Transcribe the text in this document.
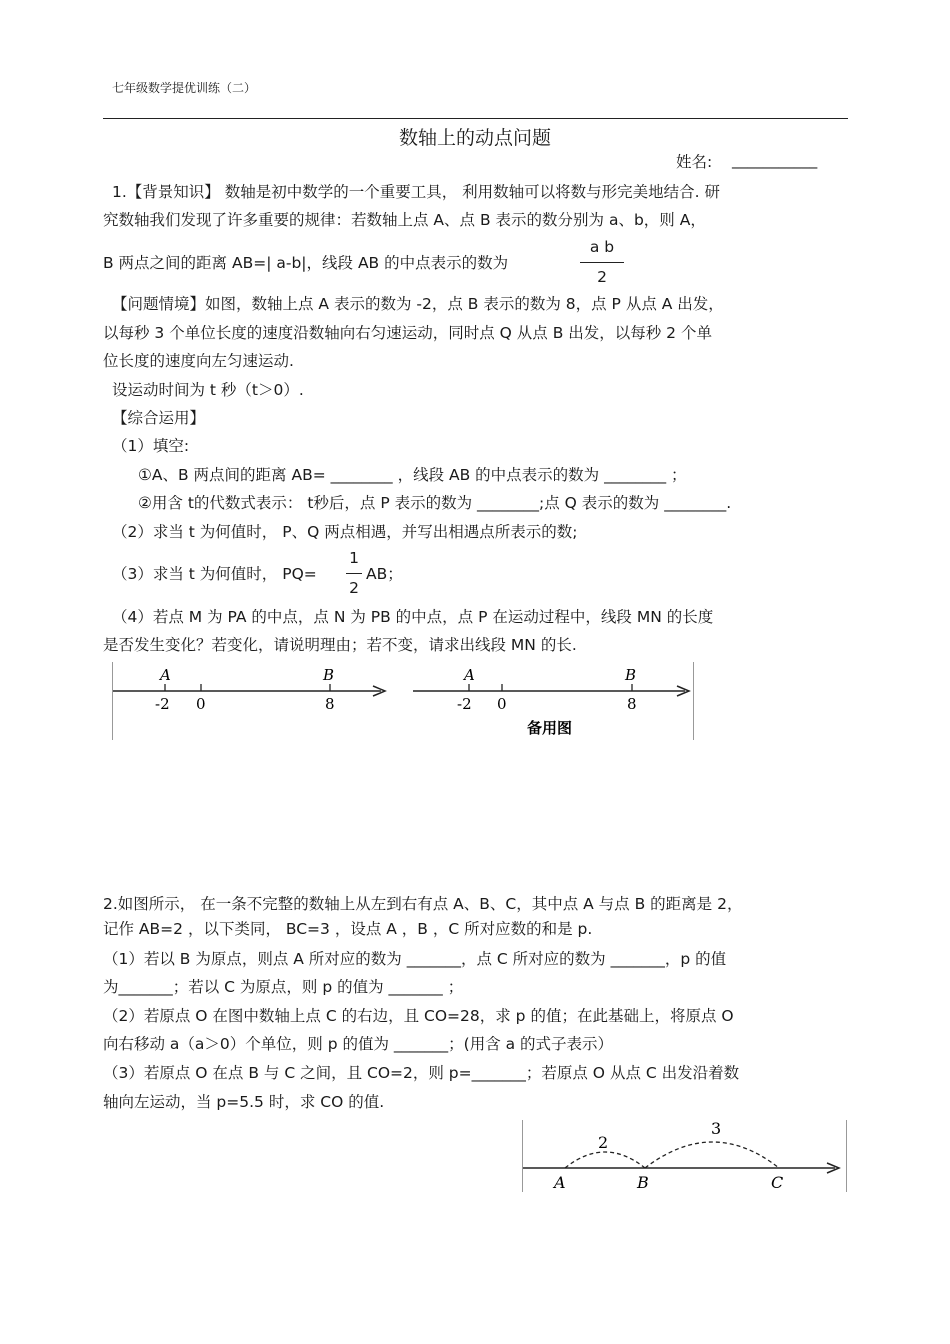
七年级数学提优训练（二）
数轴上的动点问题
姓名: ___________
1.【背景知识】 数轴是初中数学的一个重要工具， 利用数轴可以将数与形完美地结合. 研
究数轴我们发现了许多重要的规律：若数轴上点 A、点 B 表示的数分别为 a、b，则 A，
B 两点之间的距离 AB=| a-b|，线段 AB 的中点表示的数为
a b
2
【问题情境】如图，数轴上点 A 表示的数为 -2，点 B 表示的数为 8，点 P 从点 A 出发，
以每秒 3 个单位长度的速度沿数轴向右匀速运动，同时点 Q 从点 B 出发，以每秒 2 个单
位长度的速度向左匀速运动.
设运动时间为 t 秒（t＞0）.
【综合运用】
（1）填空:
①A、B 两点间的距离 AB= ________ ，线段 AB 的中点表示的数为 ________ ；
②用含 t的代数式表示： t秒后，点 P 表示的数为 ________;点 Q 表示的数为 ________.
（2）求当 t 为何值时， P、Q 两点相遇，并写出相遇点所表示的数;
（3）求当 t 为何值时， PQ=
1
2
AB；
（4）若点 M 为 PA 的中点，点 N 为 PB 的中点，点 P 在运动过程中，线段 MN 的长度
是否发生变化？若变化，请说明理由；若不变，请求出线段 MN 的长.
A	B
-2 0	8
A	B
-2 0	8
备用图
2.如图所示， 在一条不完整的数轴上从左到右有点 A、B、C，其中点 A 与点 B 的距离是 2，
记作 AB=2 ，以下类同， BC=3 ，设点 A ，B ，C 所对应数的和是 p.
（1）若以 B 为原点，则点 A 所对应的数为 _______，点 C 所对应的数为 _______，p 的值
为_______；若以 C 为原点，则 p 的值为 _______ ；
（2）若原点 O 在图中数轴上点 C 的右边，且 CO=28，求 p 的值；在此基础上，将原点 O
向右移动 a（a＞0）个单位，则 p 的值为 _______；(用含 a 的式子表示）
（3）若原点 O 在点 B 与 C 之间，且 CO=2，则 p=_______；若原点 O 从点 C 出发沿着数
轴向左运动，当 p=5.5 时，求 CO 的值.
2
3
A	B	C
